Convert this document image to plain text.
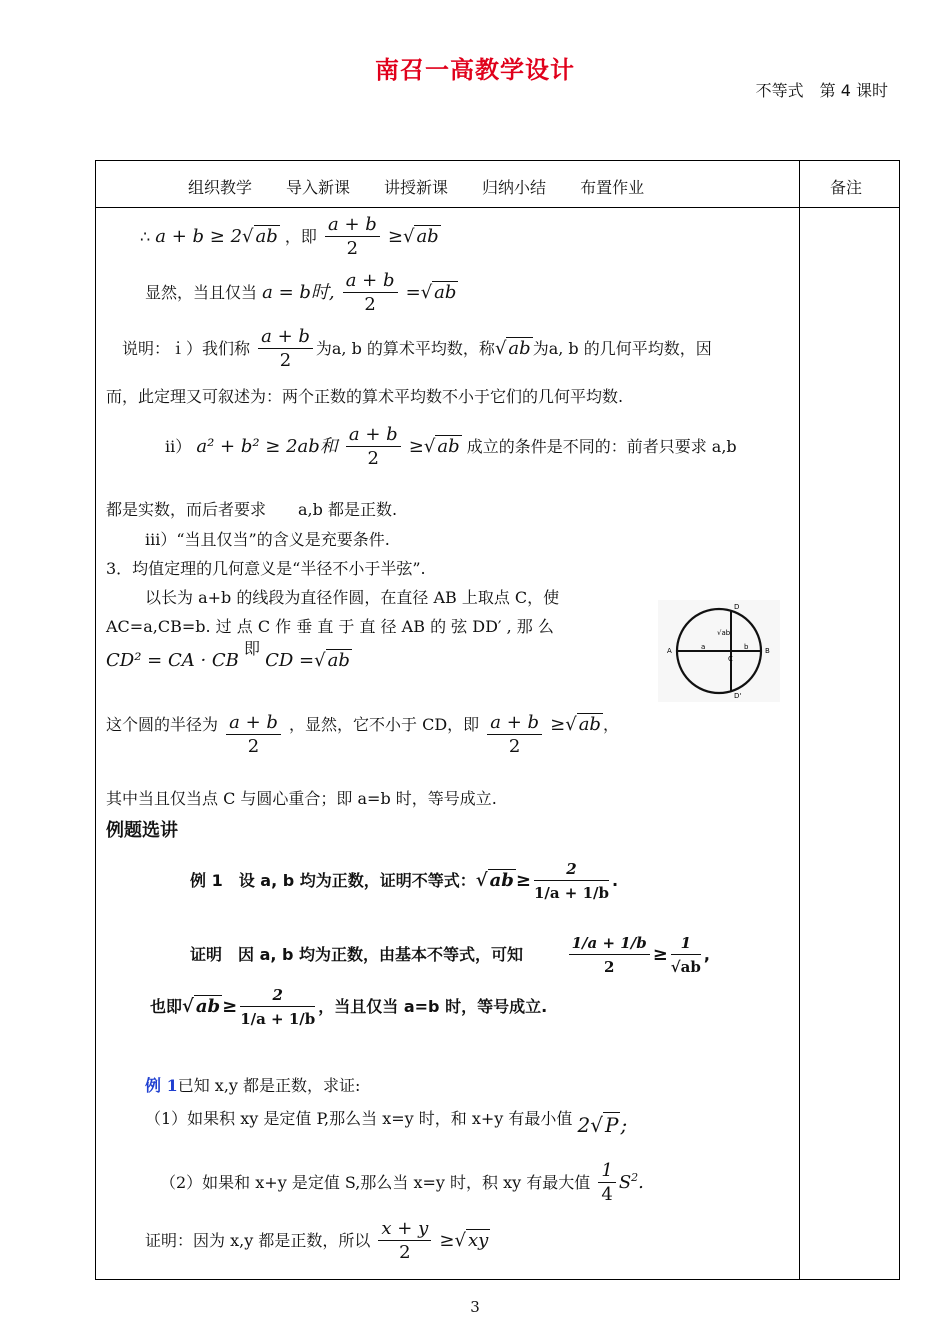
南召一高教学设计
不等式　第 4 课时
组织教学 导入新课 讲授新课 归纳小结 布置作业	备注
∴ a + b ≥ 2√ ab ，即 $\frac{a + b}{2}$ ≥√ ab
显然，当且仅当 a = b时, $\frac{a + b}{2}$ =√ ab
说明：ｉ）我们称 $\frac{a + b}{2}$ 为a, b 的算术平均数，称√ ab 为a, b 的几何平均数，因
而，此定理又可叙述为：两个正数的算术平均数不小于它们的几何平均数.
ⅱ） a² + b² ≥ 2ab和 $\frac{a + b}{2}$ ≥√ ab 成立的条件是不同的：前者只要求 a,b
都是实数，而后者要求　　a,b 都是正数.
ⅲ）“当且仅当”的含义是充要条件.
3．均值定理的几何意义是“半径不小于半弦”.
以长为 a+b 的线段为直径作圆，在直径 AB 上取点 C，使
AC=a,CB=b. 过 点 C 作 垂 直 于 直 径 AB 的 弦 DD′ , 那 么
CD² = CA · CB 即 CD =√ ab	A	B
C
D
D'
a	b
√ab
这个圆的半径为 $\frac{a + b}{2}$ ，显然，它不小于 CD，即 $\frac{a + b}{2}$ ≥√ ab ，
其中当且仅当点 C 与圆心重合；即 a=b 时，等号成立.
例题选讲
例 1　设 a, b 均为正数，证明不等式：√ ab ≥ $\frac{2}{1/a + 1/b}$ .
证明　因 a, b 均为正数，由基本不等式，可知	$\frac{1/a + 1/b}{2} \ge \frac{1}{√ab}$ ,
也即√ ab ≥ $\frac{2}{1/a + 1/b}$ ，当且仅当 a=b 时，等号成立.
例 1已知 x,y 都是正数，求证:
（1）如果积 xy 是定值 P,那么当 x=y 时，和 x+y 有最小值 2√ P ;
（2）如果和 x+y 是定值 S,那么当 x=y 时，积 xy 有最大值 $\frac{1}{4} S^2$.
证明：因为 x,y 都是正数，所以 $\frac{x + y}{2}$ ≥√ xy
3
